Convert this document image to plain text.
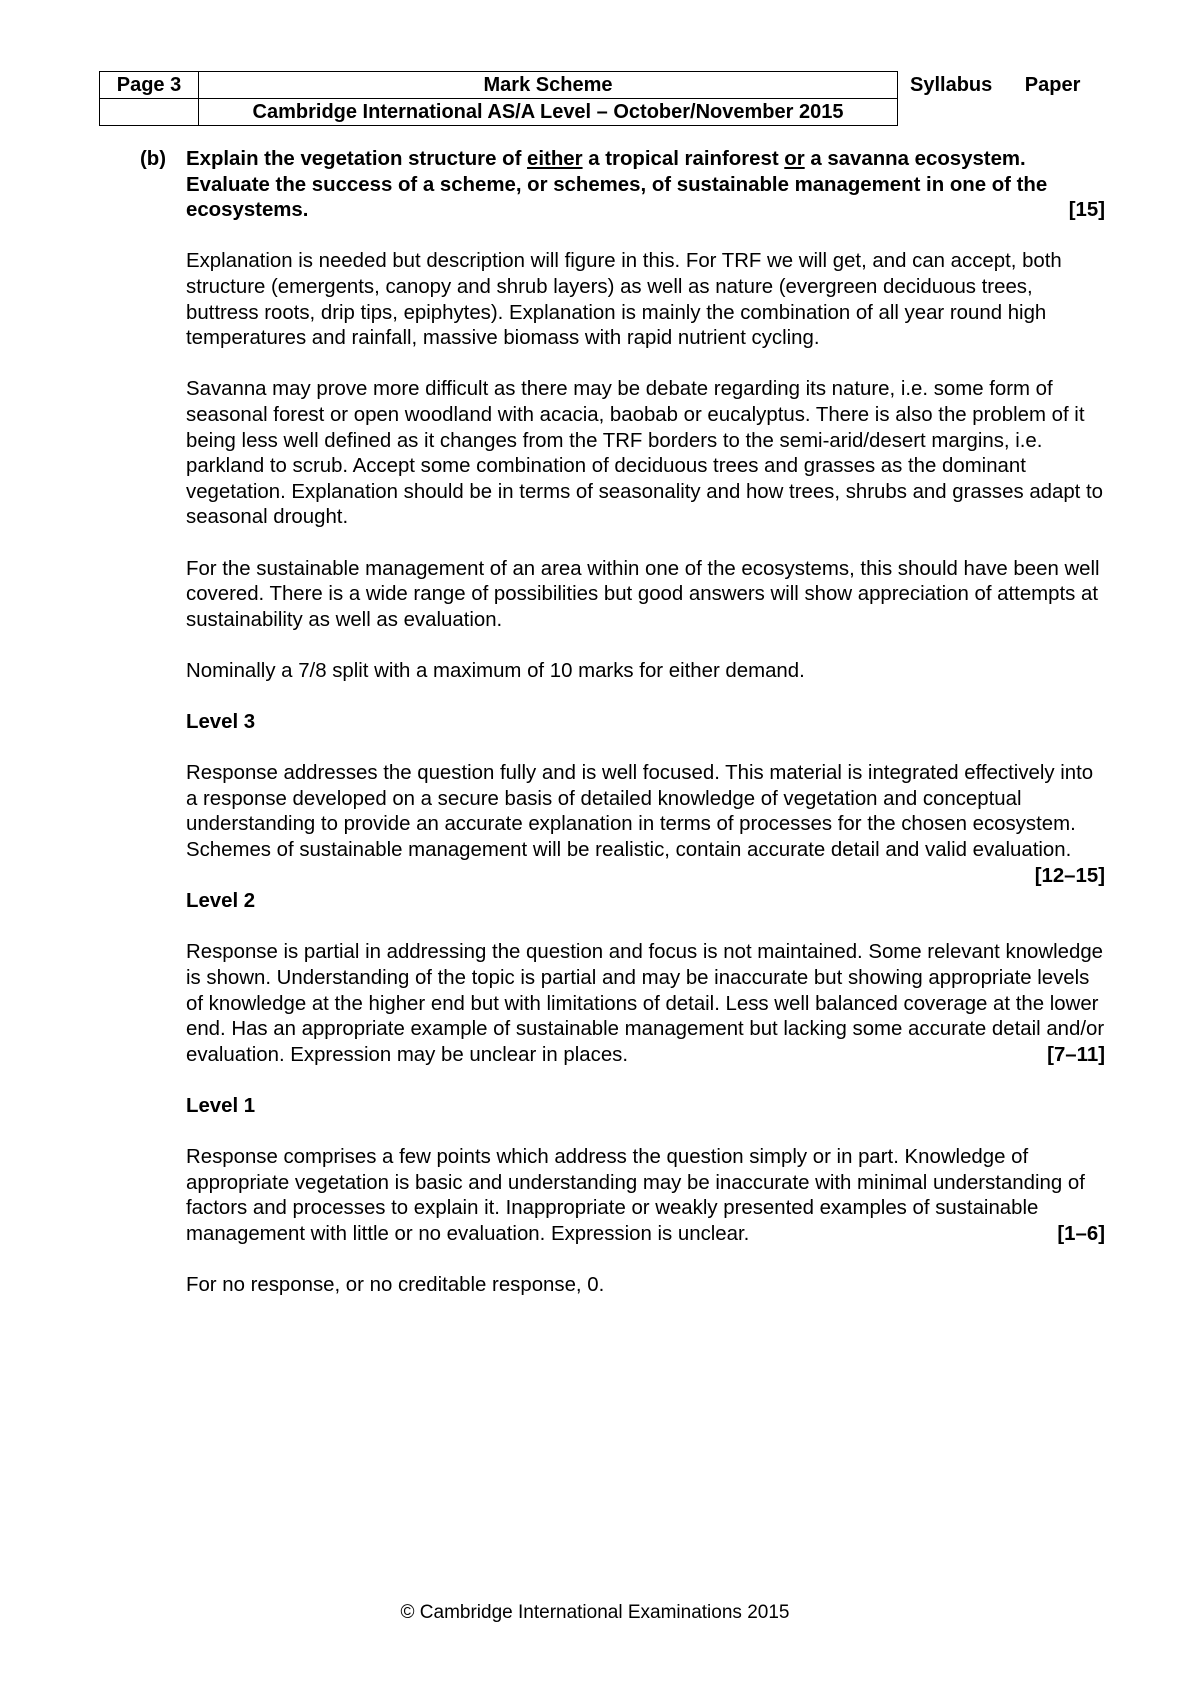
Page 3	Mark Scheme	Syllabus	Paper
	Cambridge International AS/A Level – October/November 2015		
(b) Explain the vegetation structure of either a tropical rainforest or a savanna ecosystem. Evaluate the success of a scheme, or schemes, of sustainable management in one of the ecosystems.	[15]

Explanation is needed but description will figure in this. For TRF we will get, and can accept, both structure (emergents, canopy and shrub layers) as well as nature (evergreen deciduous trees, buttress roots, drip tips, epiphytes). Explanation is mainly the combination of all year round high temperatures and rainfall, massive biomass with rapid nutrient cycling.

Savanna may prove more difficult as there may be debate regarding its nature, i.e. some form of seasonal forest or open woodland with acacia, baobab or eucalyptus. There is also the problem of it being less well defined as it changes from the TRF borders to the semi-arid/desert margins, i.e. parkland to scrub. Accept some combination of deciduous trees and grasses as the dominant vegetation. Explanation should be in terms of seasonality and how trees, shrubs and grasses adapt to seasonal drought.

For the sustainable management of an area within one of the ecosystems, this should have been well covered. There is a wide range of possibilities but good answers will show appreciation of attempts at sustainability as well as evaluation.

Nominally a 7/8 split with a maximum of 10 marks for either demand.

Level 3

Response addresses the question fully and is well focused. This material is integrated effectively into a response developed on a secure basis of detailed knowledge of vegetation and conceptual understanding to provide an accurate explanation in terms of processes for the chosen ecosystem. Schemes of sustainable management will be realistic, contain accurate detail and valid evaluation.
[12–15]

Level 2

Response is partial in addressing the question and focus is not maintained. Some relevant knowledge is shown. Understanding of the topic is partial and may be inaccurate but showing appropriate levels of knowledge at the higher end but with limitations of detail. Less well balanced coverage at the lower end. Has an appropriate example of sustainable management but lacking some accurate detail and/or evaluation. Expression may be unclear in places.	[7–11]

Level 1

Response comprises a few points which address the question simply or in part. Knowledge of appropriate vegetation is basic and understanding may be inaccurate with minimal understanding of factors and processes to explain it. Inappropriate or weakly presented examples of sustainable management with little or no evaluation. Expression is unclear.	[1–6]

For no response, or no creditable response, 0.

© Cambridge International Examinations 2015
